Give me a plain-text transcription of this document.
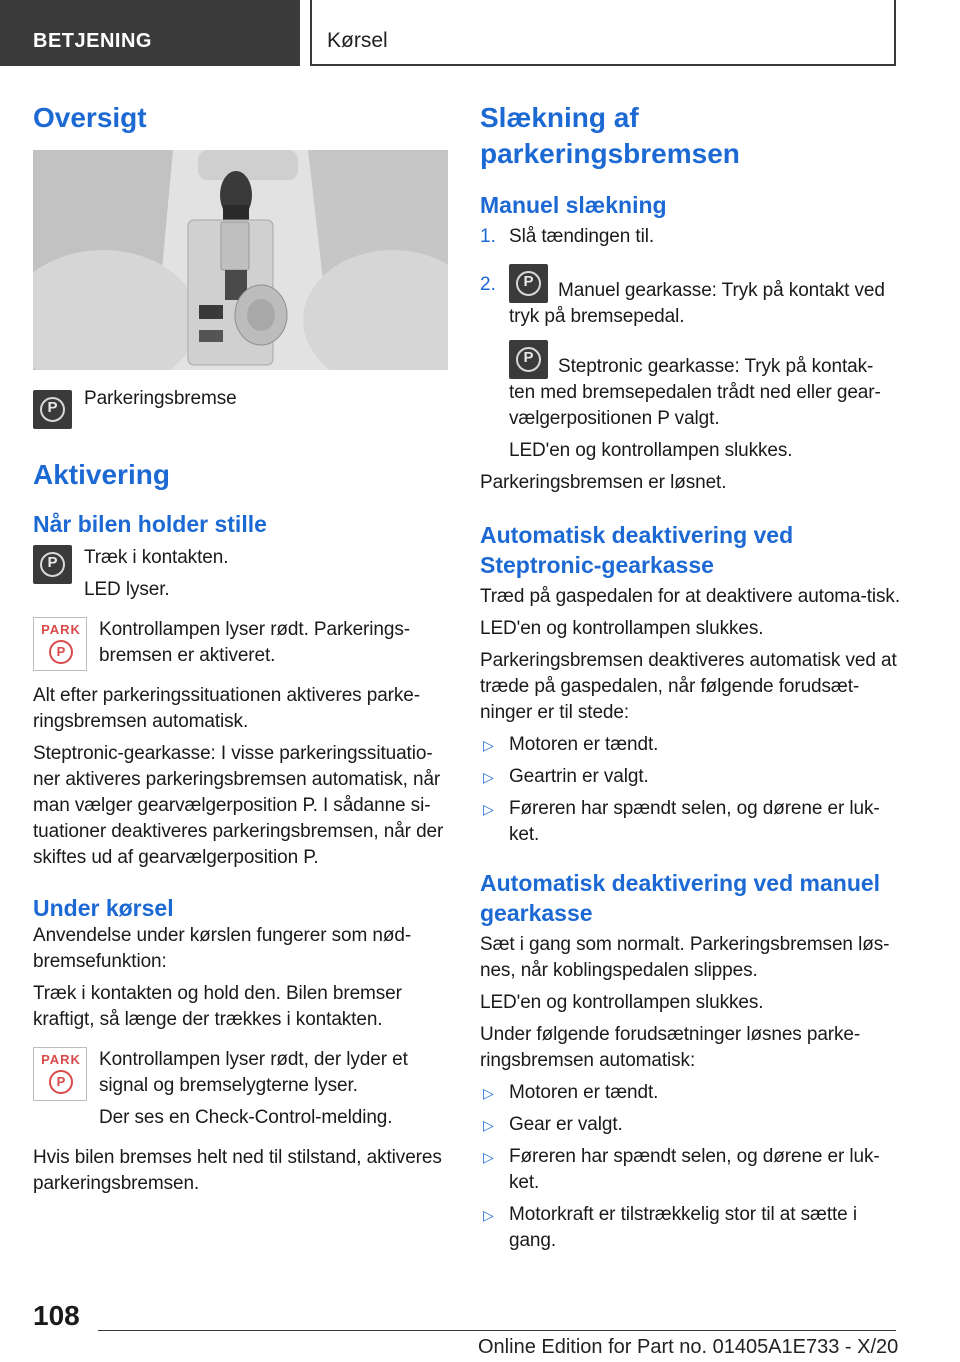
BETJENING	Kørsel
Oversigt
P	Parkeringsbremse

Aktivering
Når bilen holder stille
P	Træk i kontakten.

LED lyser.

PARK
P

Kontrollampen lyser rødt. Parkerings-bremsen er aktiveret.

Alt efter parkeringssituationen aktiveres parke-ringsbremsen automatisk.

Steptronic-gearkasse: I visse parkeringssituatio-ner aktiveres parkeringsbremsen automatisk, når man vælger gearvælgerposition P. I sådanne si-tuationer deaktiveres parkeringsbremsen, når der skiftes ud af gearvælgerposition P.

Under kørsel

Anvendelse under kørslen fungerer som nød-bremsefunktion:

Træk i kontakten og hold den. Bilen bremser kraftigt, så længe der trækkes i kontakten.

PARK
P

Kontrollampen lyser rødt, der lyder et signal og bremselygterne lyser.

Der ses en Check-Control-melding.

Hvis bilen bremses helt ned til stilstand, aktiveres parkeringsbremsen.

Slækning af parkeringsbremsen
Manuel slækning
1. Slå tændingen til.

2.	P	Manuel gearkasse: Tryk på kontakt ved tryk på bremsepedal.

P	Steptronic gearkasse: Tryk på kontak-ten med bremsepedalen trådt ned eller gear-vælgerpositionen P valgt.

LED'en og kontrollampen slukkes.

Parkeringsbremsen er løsnet.

Automatisk deaktivering ved Steptronic-gearkasse

Træd på gaspedalen for at deaktivere automa-tisk.

LED'en og kontrollampen slukkes.

Parkeringsbremsen deaktiveres automatisk ved at træde på gaspedalen, når følgende forudsæt-ninger er til stede:

▷ Motoren er tændt.

▷ Geartrin er valgt.

▷ Føreren har spændt selen, og dørene er luk-ket.

Automatisk deaktivering ved manuel gearkasse

Sæt i gang som normalt. Parkeringsbremsen løs-nes, når koblingspedalen slippes.

LED'en og kontrollampen slukkes.

Under følgende forudsætninger løsnes parke-ringsbremsen automatisk:

▷ Motoren er tændt.

▷ Gear er valgt.

▷ Føreren har spændt selen, og dørene er luk-ket.

▷ Motorkraft er tilstrækkelig stor til at sætte i gang.

108
Online Edition for Part no. 01405A1E733 - X/20
